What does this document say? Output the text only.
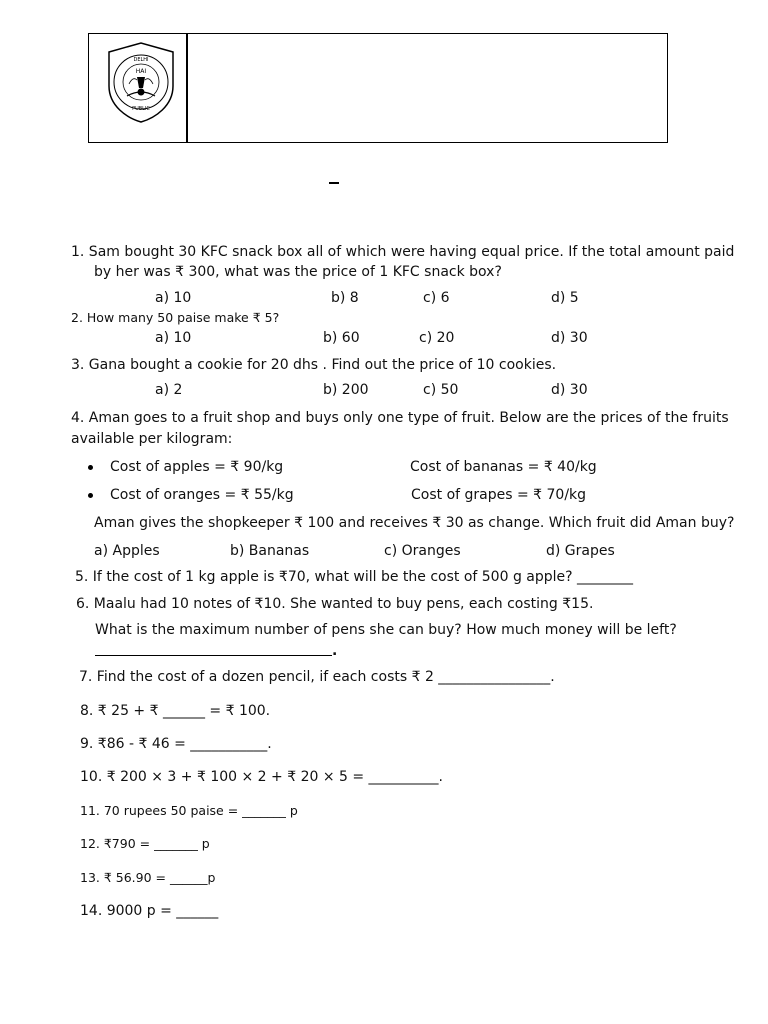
DELHI
PUBLIC
HAI
1. Sam bought 30 KFC snack box all of which were having equal price. If the total amount paid
by her was ₹ 300, what was the price of 1 KFC snack box?
a) 10	b) 8	c) 6	d) 5
2. How many 50 paise make ₹ 5?
a) 10	b) 60	c) 20	d) 30
3. Gana bought a cookie for 20 dhs . Find out the price of 10 cookies.
a) 2	b) 200	c) 50	d) 30
4. Aman goes to a fruit shop and buys only one type of fruit. Below are the prices of the fruits
available per kilogram:
Cost of apples = ₹ 90/kg	Cost of bananas = ₹ 40/kg
Cost of oranges = ₹ 55/kg	Cost of grapes = ₹ 70/kg
Aman gives the shopkeeper ₹ 100 and receives ₹ 30 as change. Which fruit did Aman buy?
a) Apples	b) Bananas	c) Oranges	d) Grapes
5. If the cost of 1 kg apple is ₹70, what will be the cost of 500 g apple? ________
6. Maalu had 10 notes of ₹10. She wanted to buy pens, each costing ₹15.
What is the maximum number of pens she can buy? How much money will be left?
.
7. Find the cost of a dozen pencil, if each costs ₹ 2 ________________.
8. ₹ 25 + ₹ ______ = ₹ 100.
9. ₹86 - ₹ 46 = ___________.
10. ₹ 200 × 3 + ₹ 100 × 2 + ₹ 20 × 5 = __________.
11. 70 rupees 50 paise = _______ p
12. ₹790 = _______ p
13. ₹ 56.90 = ______p
14. 9000 p = ______
